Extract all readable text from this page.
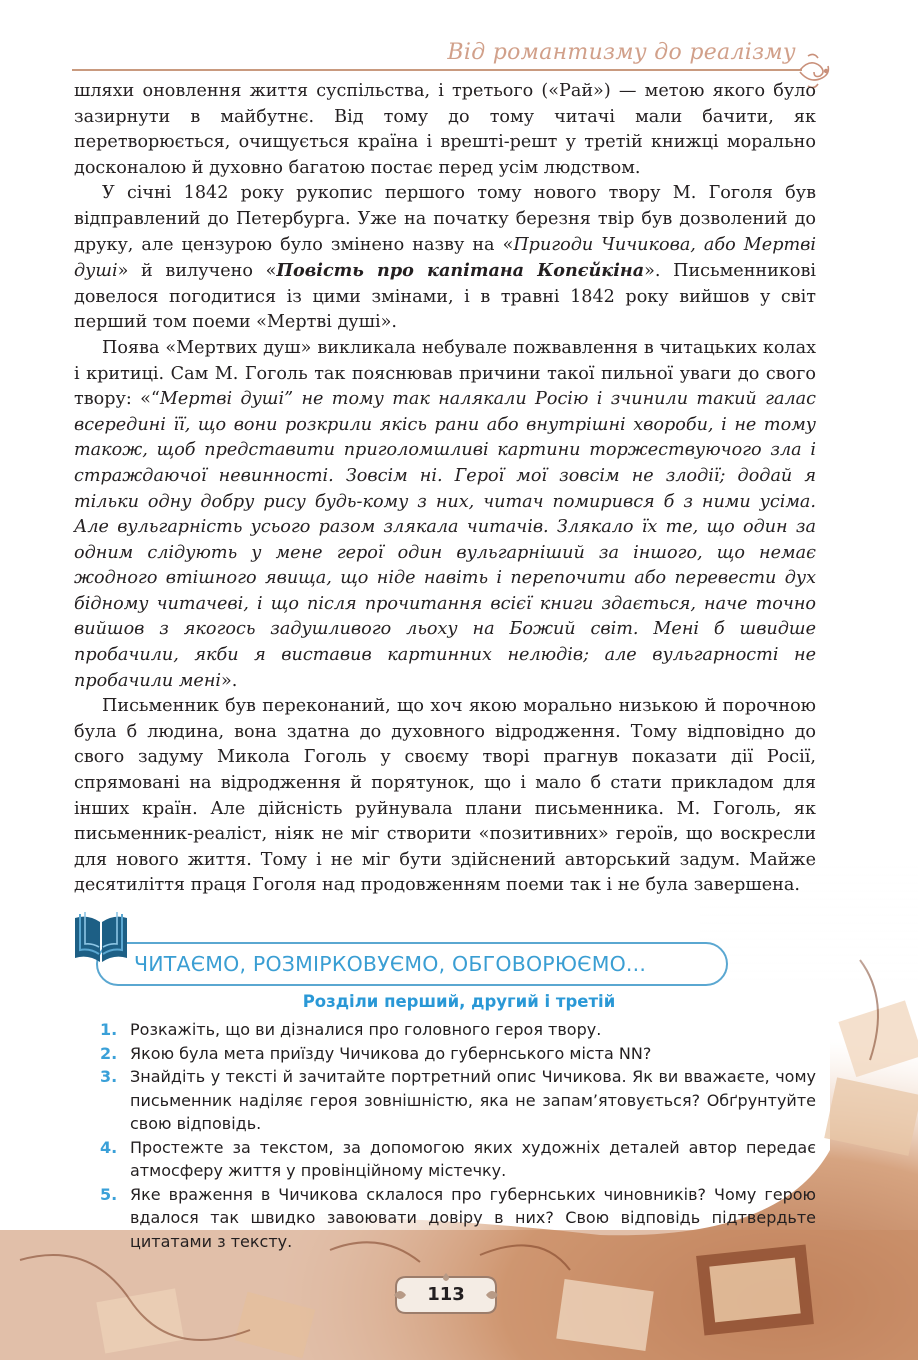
Від романтизму до реалізму

шляхи оновлення життя суспільства, і третього («Рай») — метою якого було зазирнути в майбутнє. Від тому до тому читачі мали бачити, як перетворюється, очищується країна і врешті-решт у третій книжці морально досконалою й духовно багатою постає перед усім людством.

У січні 1842 року рукопис першого тому нового твору М. Гоголя був відправлений до Петербурга. Уже на початку березня твір був дозволений до друку, але цензурою було змінено назву на «Пригоди Чичикова, або Мертві душі» й вилучено «Повість про капітана Копєйкіна». Письменникові довелося погодитися із цими змінами, і в травні 1842 року вийшов у світ перший том поеми «Мертві душі».

Поява «Мертвих душ» викликала небувале пожвавлення в читацьких колах і критиці. Сам М. Гоголь так пояснював причини такої пильної уваги до свого твору: «“Мертві душі” не тому так налякали Росію і зчинили такий галас всередині її, що вони розкрили якісь рани або внутрішні хвороби, і не тому також, щоб представити приголомшливі картини торжествуючого зла і страждаючої невинності. Зовсім ні. Герої мої зовсім не злодії; додай я тільки одну добру рису будь-кому з них, читач помирився б з ними усіма. Але вульгарність усього разом злякала читачів. Злякало їх те, що один за одним слідують у мене герої один вульгарніший за іншого, що немає жодного втішного явища, що ніде навіть і перепочити або перевести дух бідному читачеві, і що після прочитання всієї книги здається, наче точно вийшов з якогось задушливого льоху на Божий світ. Мені б швидше пробачили, якби я виставив картинних нелюдів; але вульгарності не пробачили мені».

Письменник був переконаний, що хоч якою морально низькою й порочною була б людина, вона здатна до духовного відродження. Тому відповідно до свого задуму Микола Гоголь у своєму творі прагнув показати дії Росії, спрямовані на відродження й порятунок, що і мало б стати прикладом для інших країн. Але дійсність руйнувала плани письменника. М. Гоголь, як письменник-реаліст, ніяк не міг створити «позитивних» героїв, що воскресли для нового життя. Тому і не міг бути здійснений авторський задум. Майже десятиліття праця Гоголя над продовженням поеми так і не була завершена.

ЧИТАЄМО, РОЗМІРКОВУЄМО, ОБГОВОРЮЄМО...
Розділи перший, другий і третій
1. Розкажіть, що ви дізналися про головного героя твору.
2. Якою була мета приїзду Чичикова до губернського міста NN?
3. Знайдіть у тексті й зачитайте портретний опис Чичикова. Як ви вважаєте, чому письменник наділяє героя зовнішністю, яка не запам’ятовується? Обґрунтуйте свою відповідь.
4. Простежте за текстом, за допомогою яких художніх деталей автор передає атмосферу життя у провінційному містечку.
5. Яке враження в Чичикова склалося про губернських чиновників? Чому герою вдалося так швидко завоювати довіру в них? Свою відповідь підтвердьте цитатами з тексту.
113
